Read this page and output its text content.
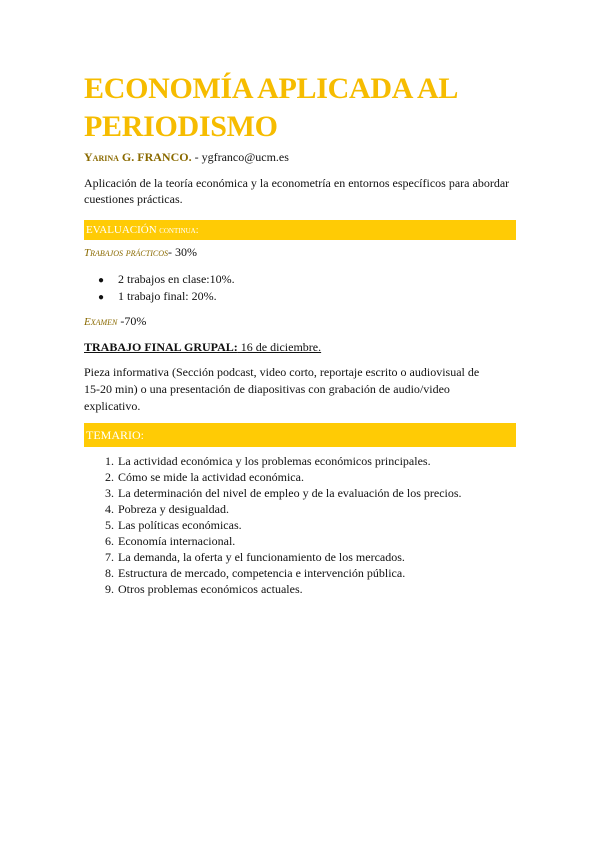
ECONOMÍA APLICADA AL PERIODISMO
Yarina G. FRANCO. - ygfranco@ucm.es
Aplicación de la teoría económica y la econometría en entornos específicos para abordar cuestiones prácticas.
EVALUACIÓN continua:
Trabajos prácticos- 30%
● 2 trabajos en clase:10%.
● 1 trabajo final: 20%.
Examen -70%
TRABAJO FINAL GRUPAL: 16 de diciembre.
Pieza informativa (Sección podcast, video corto, reportaje escrito o audiovisual de 15-20 min) o una presentación de diapositivas con grabación de audio/video explicativo.
TEMARIO:
1. La actividad económica y los problemas económicos principales.
2. Cómo se mide la actividad económica.
3. La determinación del nivel de empleo y de la evaluación de los precios.
4. Pobreza y desigualdad.
5. Las políticas económicas.
6. Economía internacional.
7. La demanda, la oferta y el funcionamiento de los mercados.
8. Estructura de mercado, competencia e intervención pública.
9. Otros problemas económicos actuales.
